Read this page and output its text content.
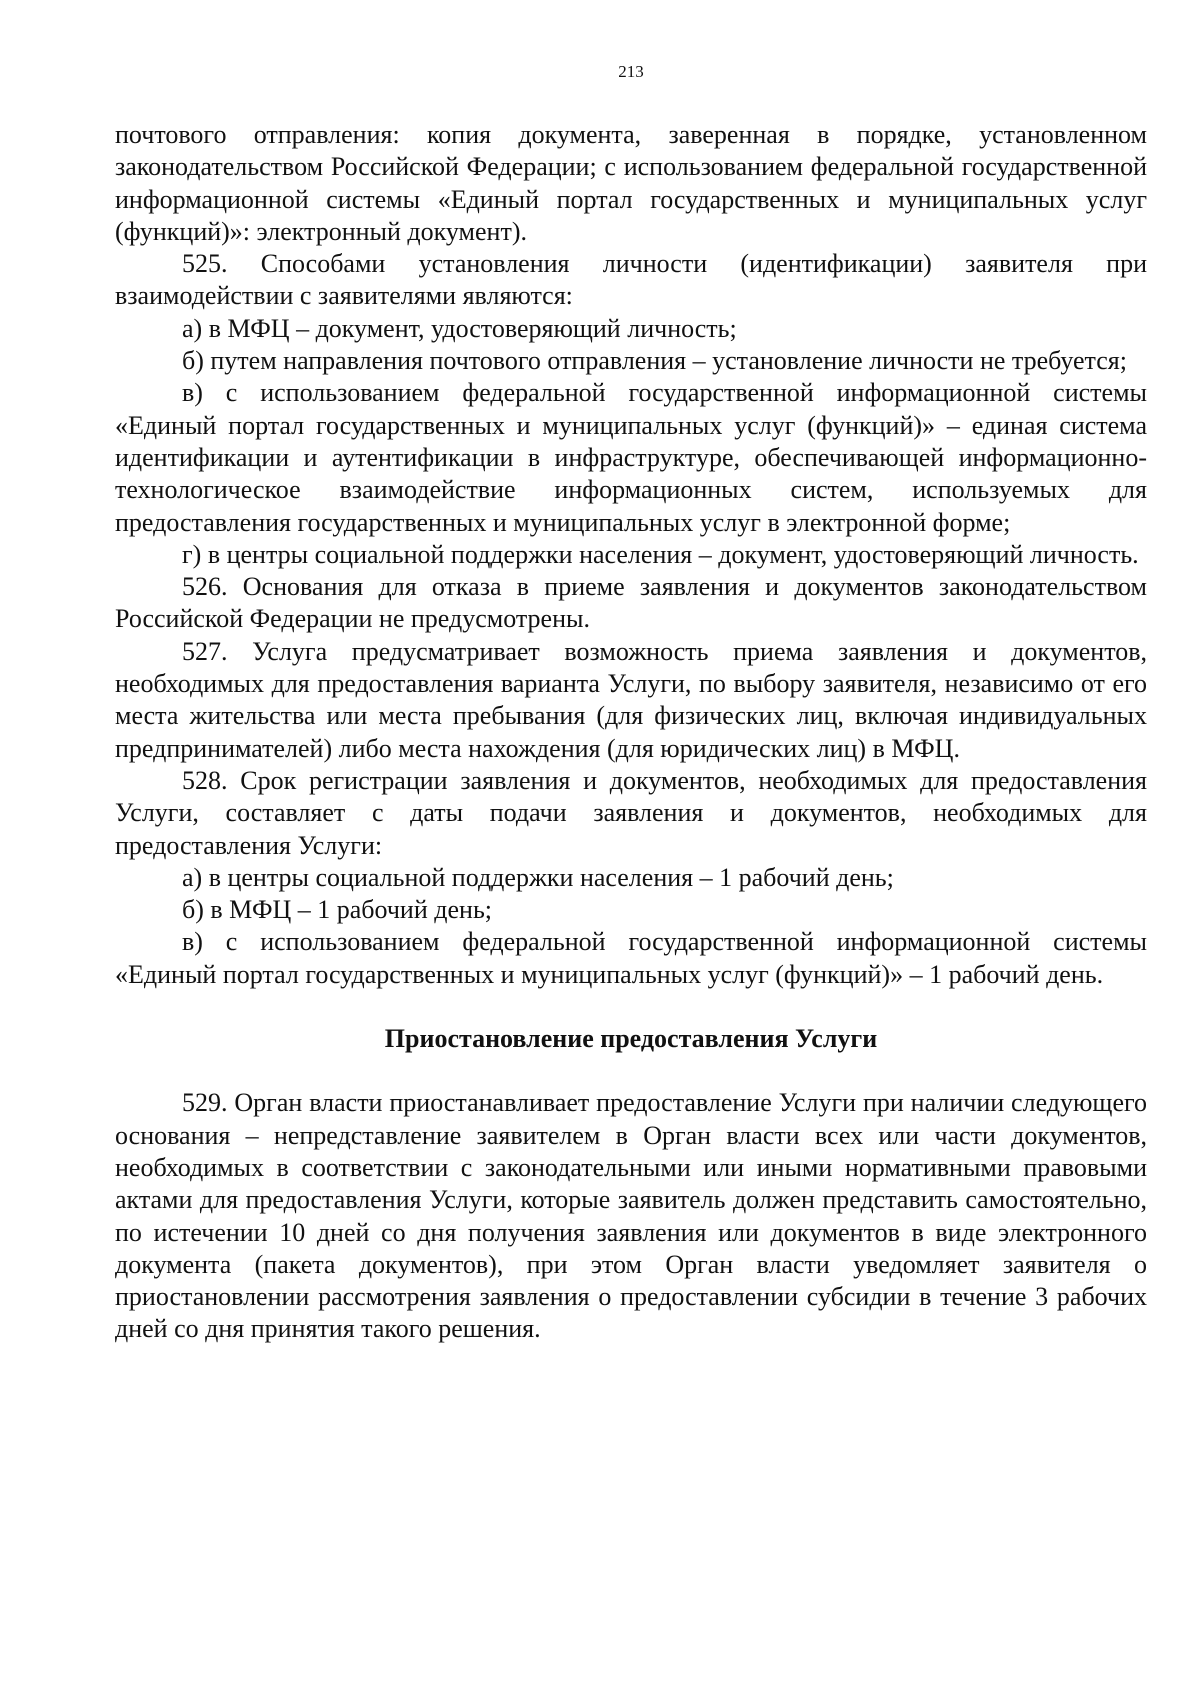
213

почтового отправления: копия документа, заверенная в порядке, установленном законодательством Российской Федерации; с использованием федеральной государственной информационной системы «Единый портал государственных и муниципальных услуг (функций)»: электронный документ).

525. Способами установления личности (идентификации) заявителя при взаимодействии с заявителями являются:

а) в МФЦ – документ, удостоверяющий личность;

б) путем направления почтового отправления – установление личности не требуется;

в) с использованием федеральной государственной информационной системы «Единый портал государственных и муниципальных услуг (функций)» – единая система идентификации и аутентификации в инфраструктуре, обеспечивающей информационно-технологическое взаимодействие информационных систем, используемых для предоставления государственных и муниципальных услуг в электронной форме;

г) в центры социальной поддержки населения – документ, удостоверяющий личность.

526. Основания для отказа в приеме заявления и документов законодательством Российской Федерации не предусмотрены.

527. Услуга предусматривает возможность приема заявления и документов, необходимых для предоставления варианта Услуги, по выбору заявителя, независимо от его места жительства или места пребывания (для физических лиц, включая индивидуальных предпринимателей) либо места нахождения (для юридических лиц) в МФЦ.

528. Срок регистрации заявления и документов, необходимых для предоставления Услуги, составляет с даты подачи заявления и документов, необходимых для предоставления Услуги:

а) в центры социальной поддержки населения – 1 рабочий день;

б) в МФЦ – 1 рабочий день;

в) с использованием федеральной государственной информационной системы «Единый портал государственных и муниципальных услуг (функций)» – 1 рабочий день.

Приостановление предоставления Услуги

529. Орган власти приостанавливает предоставление Услуги при наличии следующего основания – непредставление заявителем в Орган власти всех или части документов, необходимых в соответствии с законодательными или иными нормативными правовыми актами для предоставления Услуги, которые заявитель должен представить самостоятельно, по истечении 10 дней со дня получения заявления или документов в виде электронного документа (пакета документов), при этом Орган власти уведомляет заявителя о приостановлении рассмотрения заявления о предоставлении субсидии в течение 3 рабочих дней со дня принятия такого решения.
